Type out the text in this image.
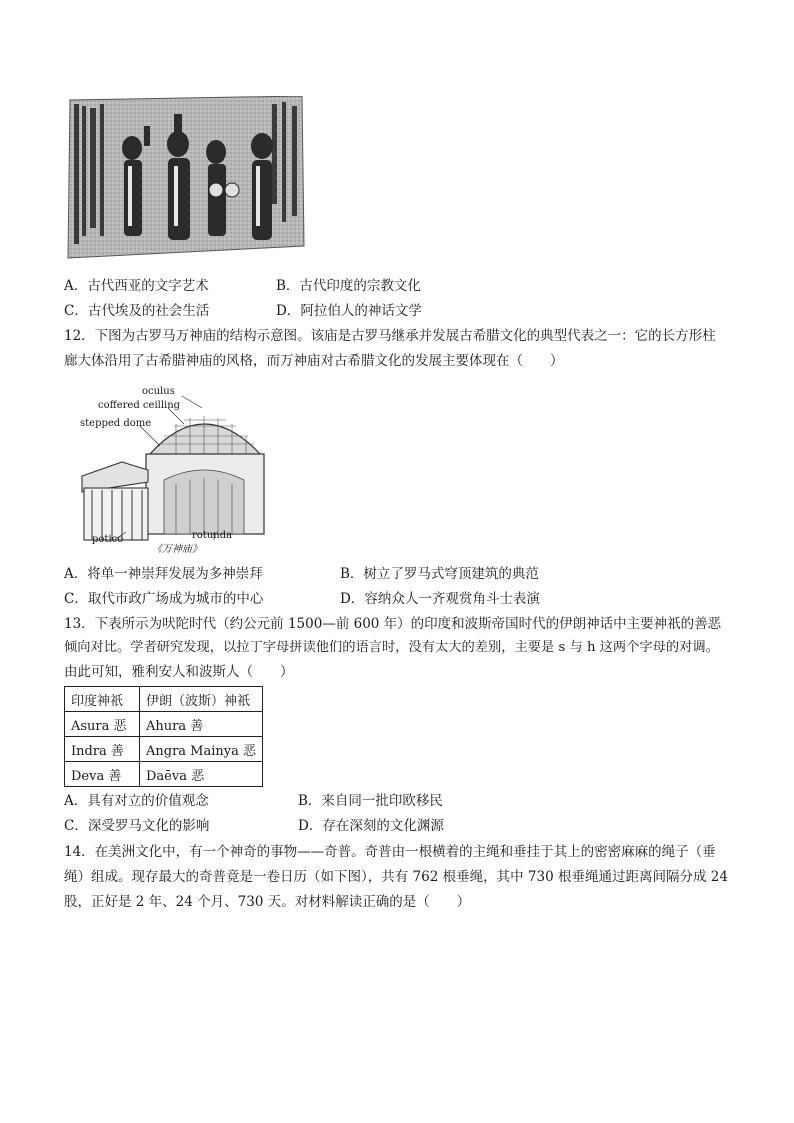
A．古代西亚的文字艺术	B．古代印度的宗教文化
C．古代埃及的社会生活	D．阿拉伯人的神话文学
12．下图为古罗马万神庙的结构示意图。该庙是古罗马继承并发展古希腊文化的典型代表之一：它的长方形柱
廊大体沿用了古希腊神庙的风格，而万神庙对古希腊文化的发展主要体现在（　　）
oculus
coffered ceilling
stepped dome
potico	rotunda
《万神庙》
A．将单一神崇拜发展为多神崇拜	B．树立了罗马式穹顶建筑的典范
C．取代市政广场成为城市的中心	D．容纳众人一齐观赏角斗士表演
13．下表所示为吠陀时代（约公元前 1500—前 600 年）的印度和波斯帝国时代的伊朗神话中主要神祇的善恶
倾向对比。学者研究发现，以拉丁字母拼读他们的语言时，没有太大的差别，主要是 s 与 h 这两个字母的对调。
由此可知，雅利安人和波斯人（　　）
印度神祇	伊朗（波斯）神祇
Asura 恶	Ahura 善
Indra 善	Angra Mainya 恶
Deva 善	Daēva 恶
A．具有对立的价值观念	B．来自同一批印欧移民
C．深受罗马文化的影响	D．存在深刻的文化渊源
14．在美洲文化中，有一个神奇的事物——奇普。奇普由一根横着的主绳和垂挂于其上的密密麻麻的绳子（垂
绳）组成。现存最大的奇普竟是一卷日历（如下图），共有 762 根垂绳，其中 730 根垂绳通过距离间隔分成 24
股，正好是 2 年、24 个月、730 天。对材料解读正确的是（　　）
